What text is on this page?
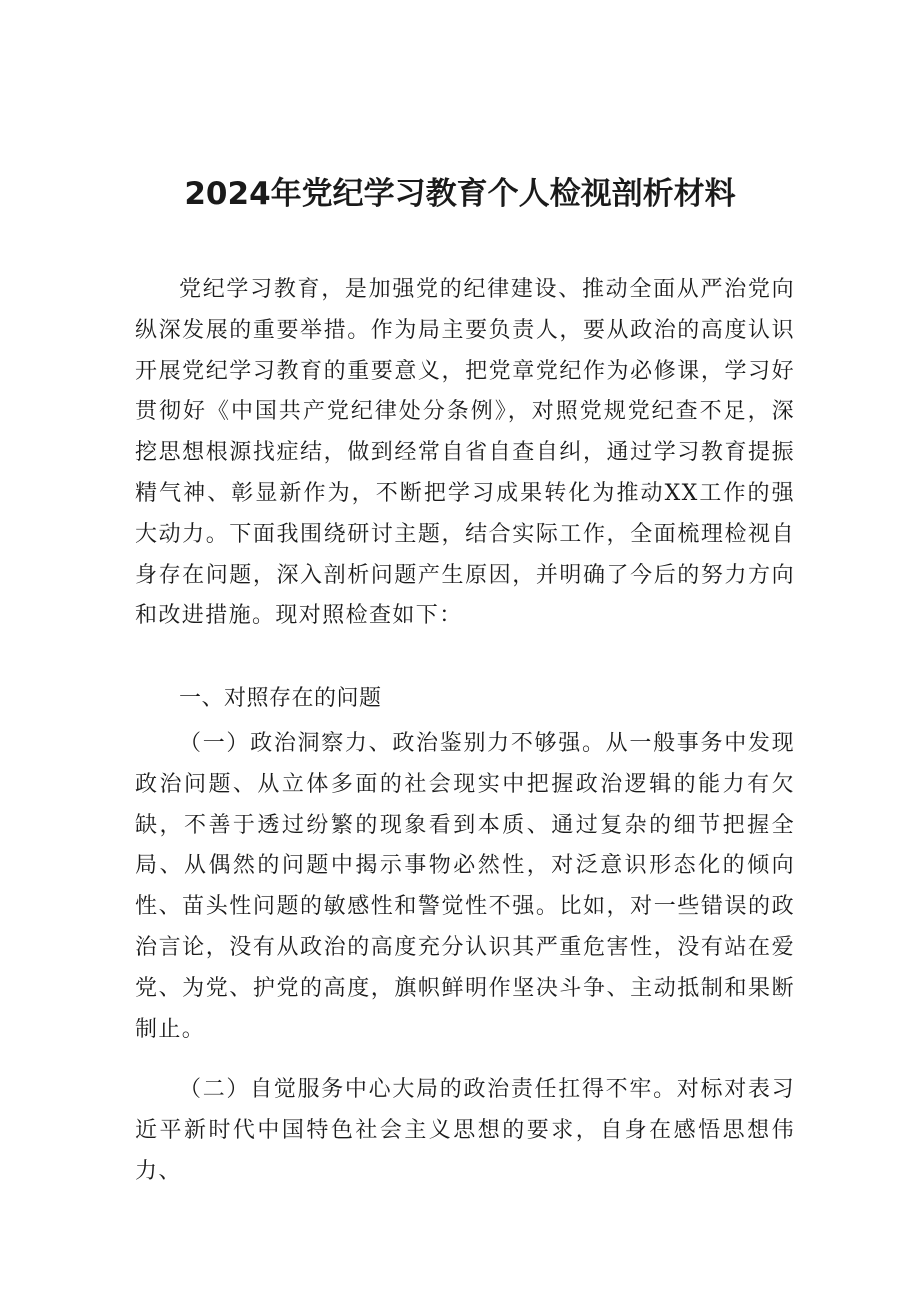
2024年党纪学习教育个人检视剖析材料

党纪学习教育，是加强党的纪律建设、推动全面从严治党向纵深发展的重要举措。作为局主要负责人，要从政治的高度认识开展党纪学习教育的重要意义，把党章党纪作为必修课，学习好贯彻好《中国共产党纪律处分条例》，对照党规党纪查不足，深挖思想根源找症结，做到经常自省自查自纠，通过学习教育提振精气神、彰显新作为，不断把学习成果转化为推动XX工作的强大动力。下面我围绕研讨主题，结合实际工作，全面梳理检视自身存在问题，深入剖析问题产生原因，并明确了今后的努力方向和改进措施。现对照检查如下：

一、对照存在的问题

（一）政治洞察力、政治鉴别力不够强。从一般事务中发现政治问题、从立体多面的社会现实中把握政治逻辑的能力有欠缺，不善于透过纷繁的现象看到本质、通过复杂的细节把握全局、从偶然的问题中揭示事物必然性，对泛意识形态化的倾向性、苗头性问题的敏感性和警觉性不强。比如，对一些错误的政治言论，没有从政治的高度充分认识其严重危害性，没有站在爱党、为党、护党的高度，旗帜鲜明作坚决斗争、主动抵制和果断制止。

（二）自觉服务中心大局的政治责任扛得不牢。对标对表习近平新时代中国特色社会主义思想的要求，自身在感悟思想伟力、
